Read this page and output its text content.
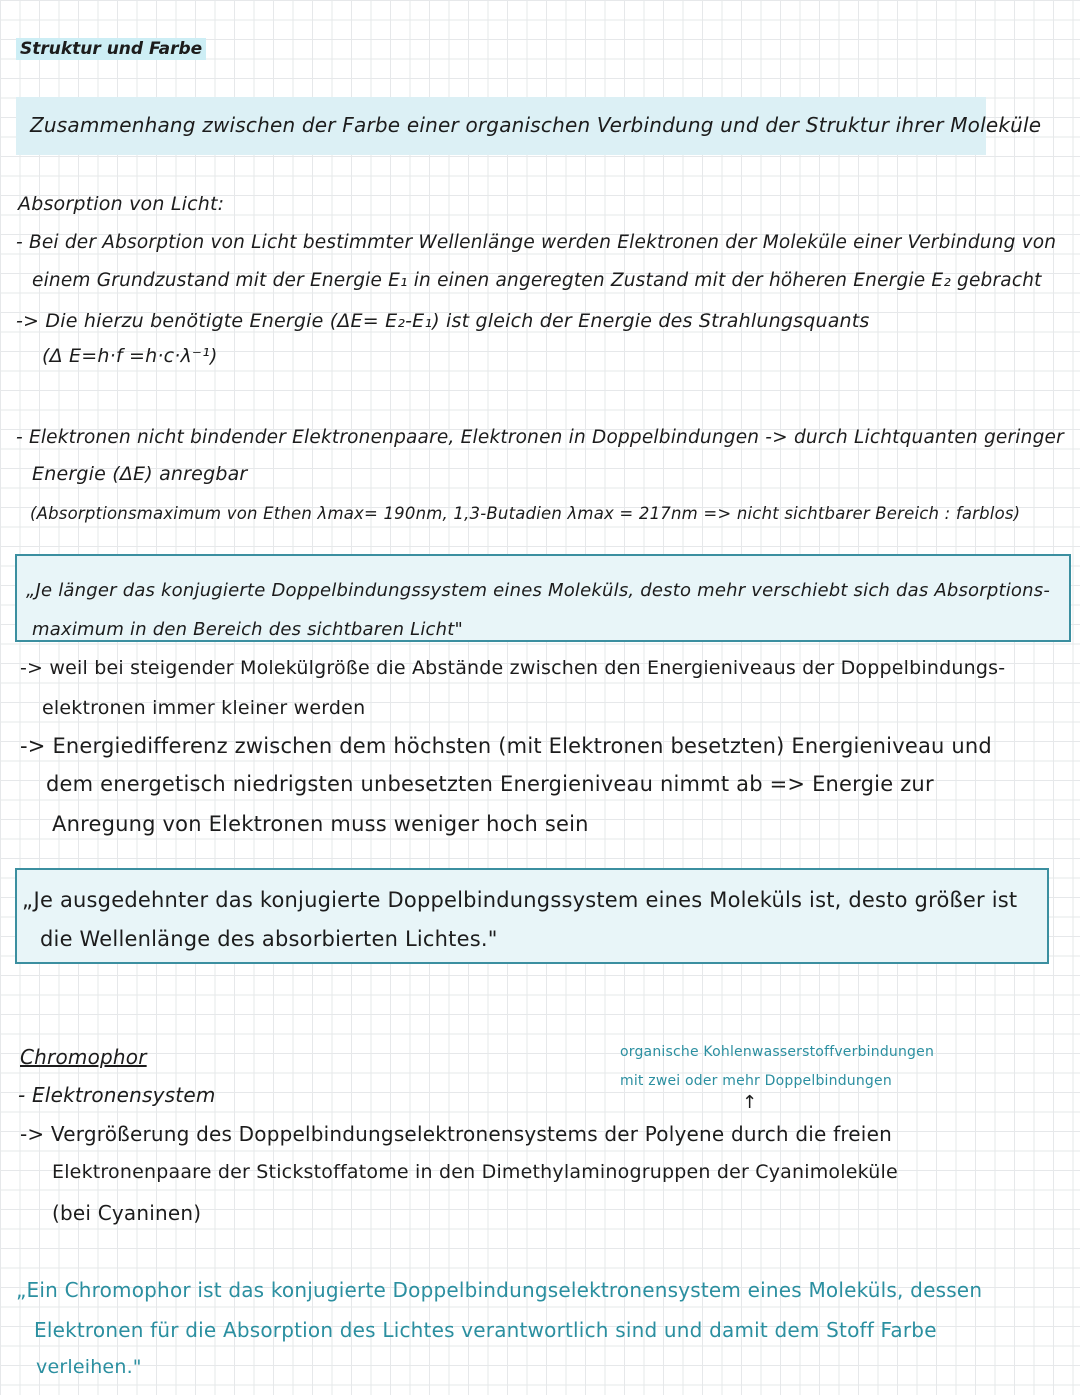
Struktur und Farbe
Zusammenhang zwischen der Farbe einer organischen Verbindung und der Struktur ihrer Moleküle
Absorption von Licht:
- Bei der Absorption von Licht bestimmter Wellenlänge werden Elektronen der Moleküle einer Verbindung von
einem Grundzustand mit der Energie E₁ in einen angeregten Zustand mit der höheren Energie E₂ gebracht
-> Die hierzu benötigte Energie (ΔE= E₂-E₁) ist gleich der Energie des Strahlungsquants
(Δ E=h·f =h·c·λ⁻¹)
- Elektronen nicht bindender Elektronenpaare, Elektronen in Doppelbindungen -> durch Lichtquanten geringer
Energie (ΔE) anregbar
(Absorptionsmaximum von Ethen λmax= 190nm, 1,3-Butadien λmax = 217nm => nicht sichtbarer Bereich : farblos)
„Je länger das konjugierte Doppelbindungssystem eines Moleküls, desto mehr verschiebt sich das Absorptions-
maximum in den Bereich des sichtbaren Licht"
-> weil bei steigender Molekülgröße die Abstände zwischen den Energieniveaus der Doppelbindungs-
elektronen immer kleiner werden
-> Energiedifferenz zwischen dem höchsten (mit Elektronen besetzten) Energieniveau und
dem energetisch niedrigsten unbesetzten Energieniveau nimmt ab => Energie zur
Anregung von Elektronen muss weniger hoch sein
„Je ausgedehnter das konjugierte Doppelbindungssystem eines Moleküls ist, desto größer ist
die Wellenlänge des absorbierten Lichtes."
Chromophor	organische Kohlenwasserstoffverbindungen
mit zwei oder mehr Doppelbindungen
↑
- Elektronensystem
-> Vergrößerung des Doppelbindungselektronensystems der Polyene durch die freien
Elektronenpaare der Stickstoffatome in den Dimethylaminogruppen der Cyanimoleküle
(bei Cyaninen)
„Ein Chromophor ist das konjugierte Doppelbindungselektronensystem eines Moleküls, dessen
Elektronen für die Absorption des Lichtes verantwortlich sind und damit dem Stoff Farbe
verleihen."
